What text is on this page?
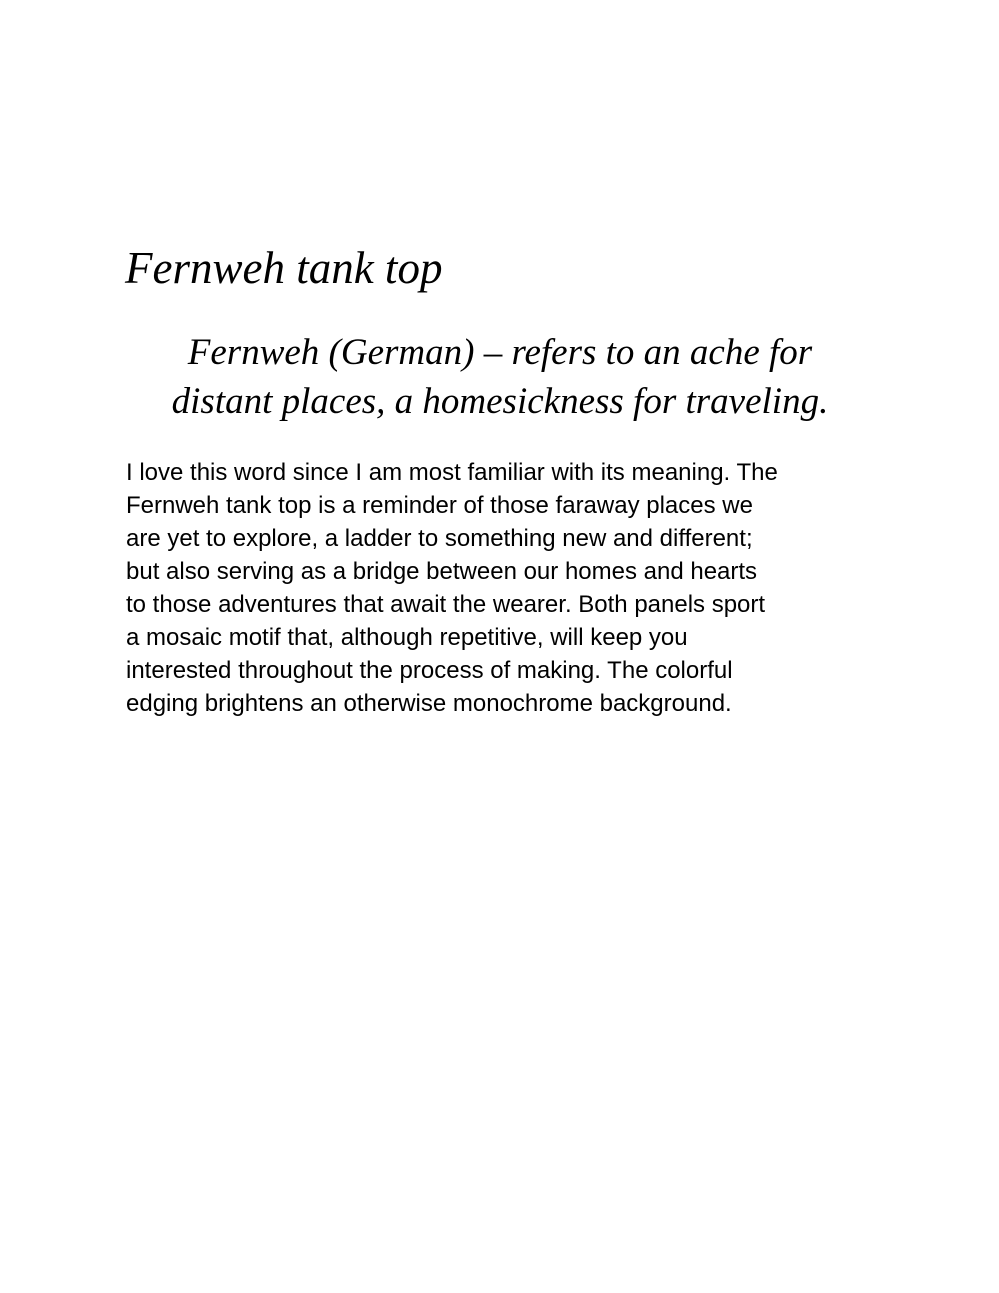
Fernweh tank top

Fernweh (German) – refers to an ache for
distant places, a homesickness for traveling.

I love this word since I am most familiar with its meaning. The
Fernweh tank top is a reminder of those faraway places we
are yet to explore, a ladder to something new and different;
but also serving as a bridge between our homes and hearts
to those adventures that await the wearer. Both panels sport
a mosaic motif that, although repetitive, will keep you
interested throughout the process of making. The colorful
edging brightens an otherwise monochrome background.
